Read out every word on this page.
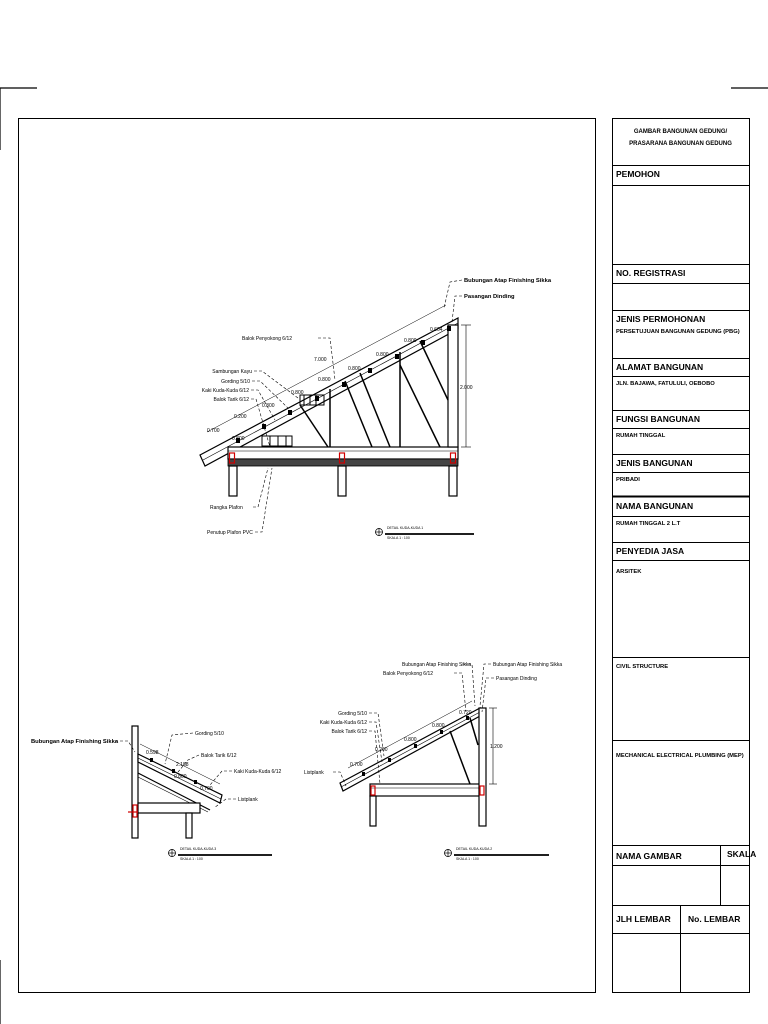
Bubungan Atap Finishing Sikka
Pasangan Dinding
Balok Penyokong 6/12
Sambungan Kayu
Gording 5/10
Kaki Kuda-Kuda 6/12
Balok Tarik 6/12
Rangka Plafon
Penutup Plafon PVC
0.604
0.800
0.800
0.800
0.800
0.800
0.800
0.700
7.000
2.000
0.200
0.800
DETAIL KUDA-KUDA 1
SKALA 1 : 100
Bubungan Atap Finishing Sikka
Gording 5/10
Balok Tarik 6/12
Kaki Kuda-Kuda 6/12
Listplank
0.598
2.188
0.800
0.700
DETAIL KUDA-KUDA 3
SKALA 1 : 100
Bubungan Atap Finishing Sikka
Balok Penyokong 6/12
Bubungan Atap Finishing Sikka
Pasangan Dinding
Gording 5/10
Kaki Kuda-Kuda 6/12
Balok Tarik 6/12
Listplank
0.720
0.800
0.800
0.700
1.200
0.200
DETAIL KUDA-KUDA 2
SKALA 1 : 100
GAMBAR BANGUNAN GEDUNG/
PRASARANA BANGUNAN GEDUNG
PEMOHON
NO. REGISTRASI
JENIS PERMOHONAN
PERSETUJUAN BANGUNAN GEDUNG (PBG)
ALAMAT BANGUNAN
JLN. BAJAWA, FATULULI, OEBOBO
FUNGSI BANGUNAN
RUMAH TINGGAL
JENIS BANGUNAN
PRIBADI
NAMA BANGUNAN
RUMAH TINGGAL 2 L.T
PENYEDIA JASA
ARSITEK
CIVIL STRUCTURE
MECHANICAL ELECTRICAL PLUMBING (MEP)
NAMA GAMBAR	SKALA
JLH LEMBAR	No. LEMBAR
